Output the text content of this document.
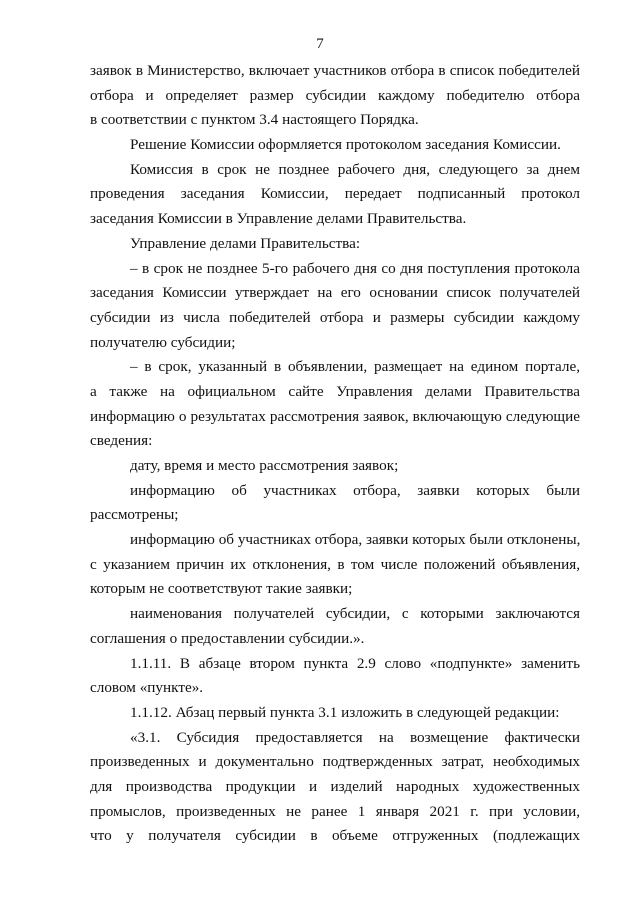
7
заявок в Министерство, включает участников отбора в список победителей
отбора и определяет размер субсидии каждому победителю отбора
в соответствии с пунктом 3.4 настоящего Порядка.
Решение Комиссии оформляется протоколом заседания Комиссии.
Комиссия в срок не позднее рабочего дня, следующего за днем
проведения заседания Комиссии, передает подписанный протокол
заседания Комиссии в Управление делами Правительства.
Управление делами Правительства:
– в срок не позднее 5-го рабочего дня со дня поступления протокола
заседания Комиссии утверждает на его основании список получателей
субсидии из числа победителей отбора и размеры субсидии каждому
получателю субсидии;
– в срок, указанный в объявлении, размещает на едином портале,
а также на официальном сайте Управления делами Правительства
информацию о результатах рассмотрения заявок, включающую следующие
сведения:
дату, время и место рассмотрения заявок;
информацию об участниках отбора, заявки которых были
рассмотрены;
информацию об участниках отбора, заявки которых были отклонены,
с указанием причин их отклонения, в том числе положений объявления,
которым не соответствуют такие заявки;
наименования получателей субсидии, с которыми заключаются
соглашения о предоставлении субсидии.».
1.1.11. В абзаце втором пункта 2.9 слово «подпункте» заменить
словом «пункте».
1.1.12. Абзац первый пункта 3.1 изложить в следующей редакции:
«3.1. Субсидия предоставляется на возмещение фактически
произведенных и документально подтвержденных затрат, необходимых
для производства продукции и изделий народных художественных
промыслов, произведенных не ранее 1 января 2021 г. при условии,
что у получателя субсидии в объеме отгруженных (подлежащих
